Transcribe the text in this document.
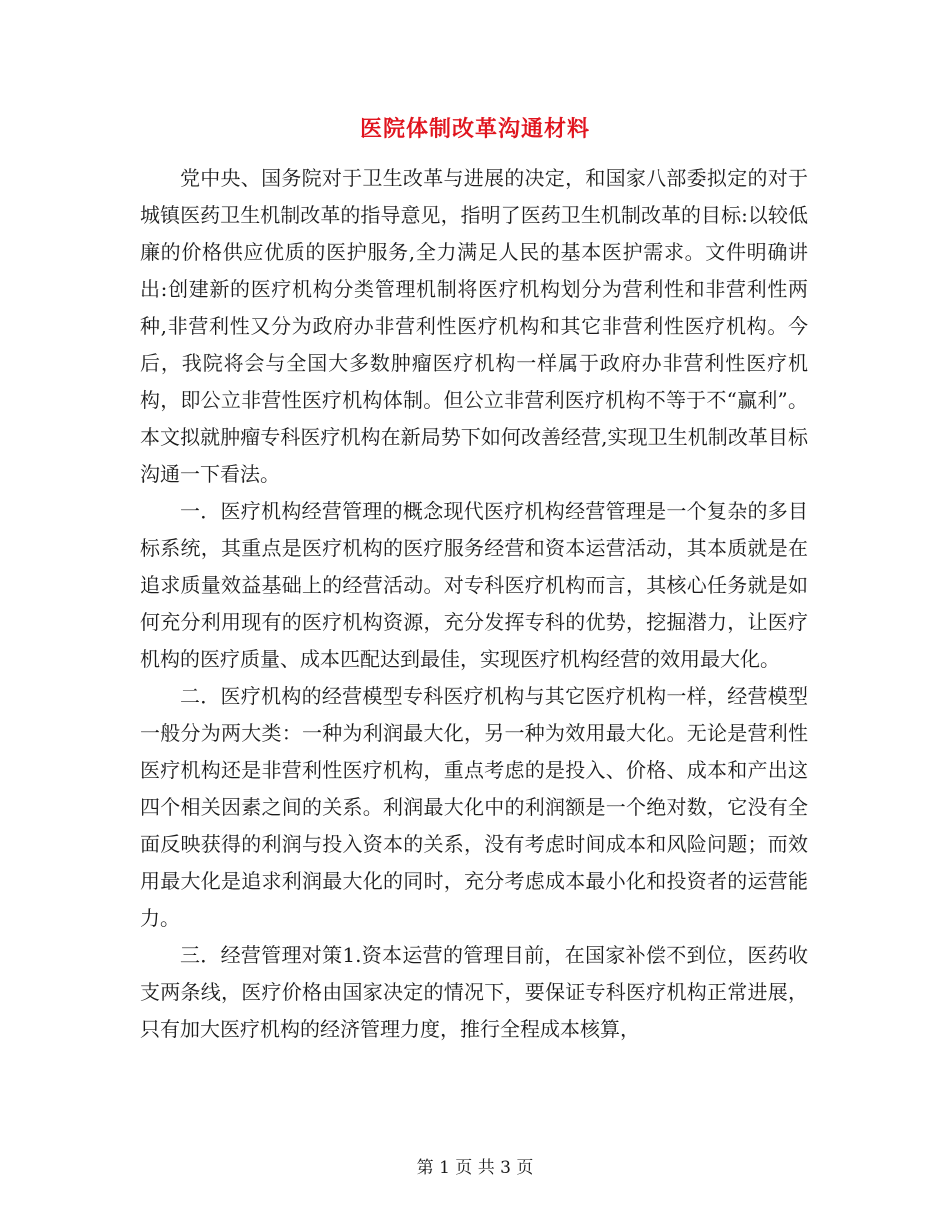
医院体制改革沟通材料

党中央、国务院对于卫生改革与进展的决定，和国家八部委拟定的对于城镇医药卫生机制改革的指导意见，指明了医药卫生机制改革的目标:以较低廉的价格供应优质的医护服务,全力满足人民的基本医护需求。文件明确讲出:创建新的医疗机构分类管理机制将医疗机构划分为营利性和非营利性两种,非营利性又分为政府办非营利性医疗机构和其它非营利性医疗机构。今后，我院将会与全国大多数肿瘤医疗机构一样属于政府办非营利性医疗机构，即公立非营性医疗机构体制。但公立非营利医疗机构不等于不“赢利”。本文拟就肿瘤专科医疗机构在新局势下如何改善经营,实现卫生机制改革目标沟通一下看法。

一．医疗机构经营管理的概念现代医疗机构经营管理是一个复杂的多目标系统，其重点是医疗机构的医疗服务经营和资本运营活动，其本质就是在追求质量效益基础上的经营活动。对专科医疗机构而言，其核心任务就是如何充分利用现有的医疗机构资源，充分发挥专科的优势，挖掘潜力，让医疗机构的医疗质量、成本匹配达到最佳，实现医疗机构经营的效用最大化。

二．医疗机构的经营模型专科医疗机构与其它医疗机构一样，经营模型一般分为两大类：一种为利润最大化，另一种为效用最大化。无论是营利性医疗机构还是非营利性医疗机构，重点考虑的是投入、价格、成本和产出这四个相关因素之间的关系。利润最大化中的利润额是一个绝对数，它没有全面反映获得的利润与投入资本的关系，没有考虑时间成本和风险问题；而效用最大化是追求利润最大化的同时，充分考虑成本最小化和投资者的运营能力。

三．经营管理对策1.资本运营的管理目前，在国家补偿不到位，医药收支两条线，医疗价格由国家决定的情况下，要保证专科医疗机构正常进展，只有加大医疗机构的经济管理力度，推行全程成本核算，

第 1 页 共 3 页
